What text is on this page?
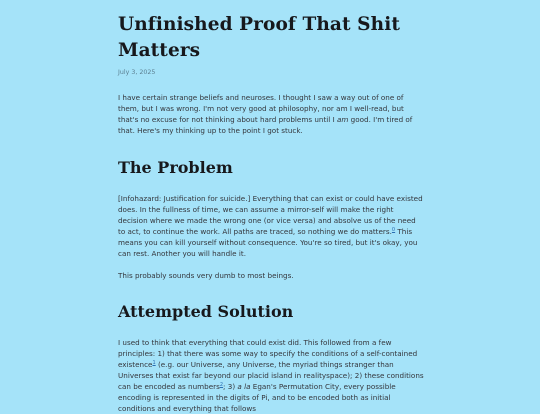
Unfinished Proof That Shit Matters
July 3, 2025

I have certain strange beliefs and neuroses. I thought I saw a way out of one of them, but I was wrong. I'm not very good at philosophy, nor am I well-read, but that's no excuse for not thinking about hard problems until I am good. I'm tired of that. Here's my thinking up to the point I got stuck.

The Problem

[Infohazard: Justification for suicide.] Everything that can exist or could have existed does. In the fullness of time, we can assume a mirror-self will make the right decision where we made the wrong one (or vice versa) and absolve us of the need to act, to continue the work. All paths are traced, so nothing we do matters.$^0$ This means you can kill yourself without consequence. You're so tired, but it's okay, you can rest. Another you will handle it.

This probably sounds very dumb to most beings.

Attempted Solution

I used to think that everything that could exist did. This followed from a few principles: 1) that there was some way to specify the conditions of a self-contained existence$^1$ (e.g. our Universe, any Universe, the myriad things stranger than Universes that exist far beyond our placid island in realityspace); 2) these conditions can be encoded as numbers$^2$; 3) a la Egan's Permutation City, every possible encoding is represented in the digits of Pi, and to be encoded both as initial conditions and everything that follows
